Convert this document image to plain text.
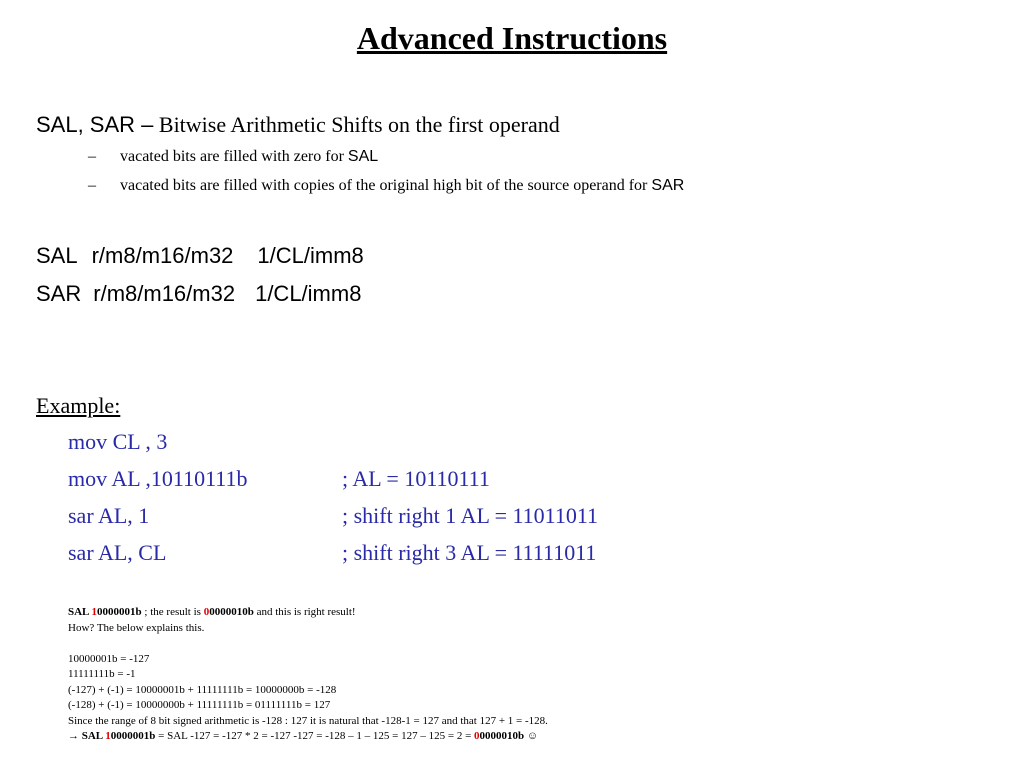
Advanced Instructions
SAL, SAR – Bitwise Arithmetic Shifts on the first operand
– vacated bits are filled with zero for SAL
– vacated bits are filled with copies of the original high bit of the source operand for SAR
SAL r/m8/m16/m32 1/CL/imm8
SAR r/m8/m16/m32 1/CL/imm8
Example:
mov CL , 3
mov AL ,10110111b	; AL = 10110111
sar AL, 1	; shift right 1 AL = 11011011
sar AL, CL	; shift right 3 AL = 11111011
SAL 10000001b ; the result is 00000010b and this is right result!
How? The below explains this.
10000001b = -127
11111111b = -1
(-127) + (-1) = 10000001b + 11111111b = 10000000b = -128
(-128) + (-1) = 10000000b + 11111111b = 01111111b = 127
Since the range of 8 bit signed arithmetic is -128 : 127 it is natural that -128-1 = 127 and that 127 + 1 = -128.
→ SAL 10000001b = SAL -127 = -127 * 2 = -127 -127 = -128 – 1 – 125 = 127 – 125 = 2 = 00000010b ☺
